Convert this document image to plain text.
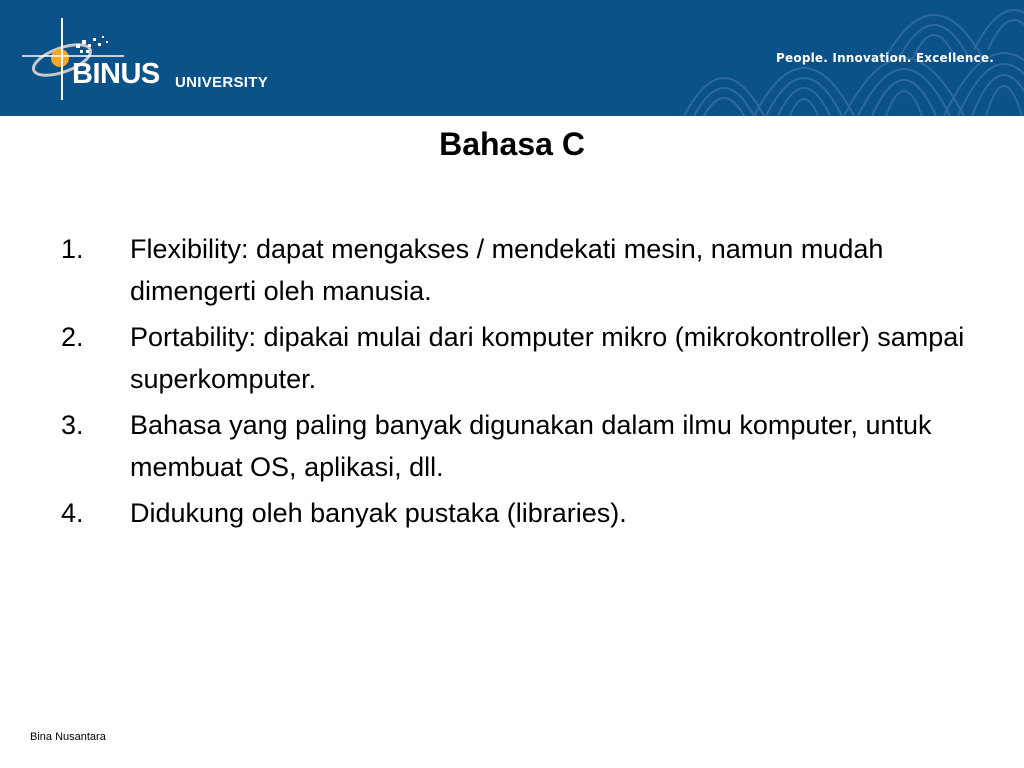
BINUS UNIVERSITY
People. Innovation. Excellence.
Bahasa C
1.	Flexibility: dapat mengakses / mendekati mesin, namun mudah dimengerti oleh manusia.
2.	Portability: dipakai mulai dari komputer mikro (mikrokontroller) sampai superkomputer.
3.	Bahasa yang paling banyak digunakan dalam ilmu komputer, untuk membuat OS, aplikasi, dll.
4.	Didukung oleh banyak pustaka (libraries).
Bina Nusantara
